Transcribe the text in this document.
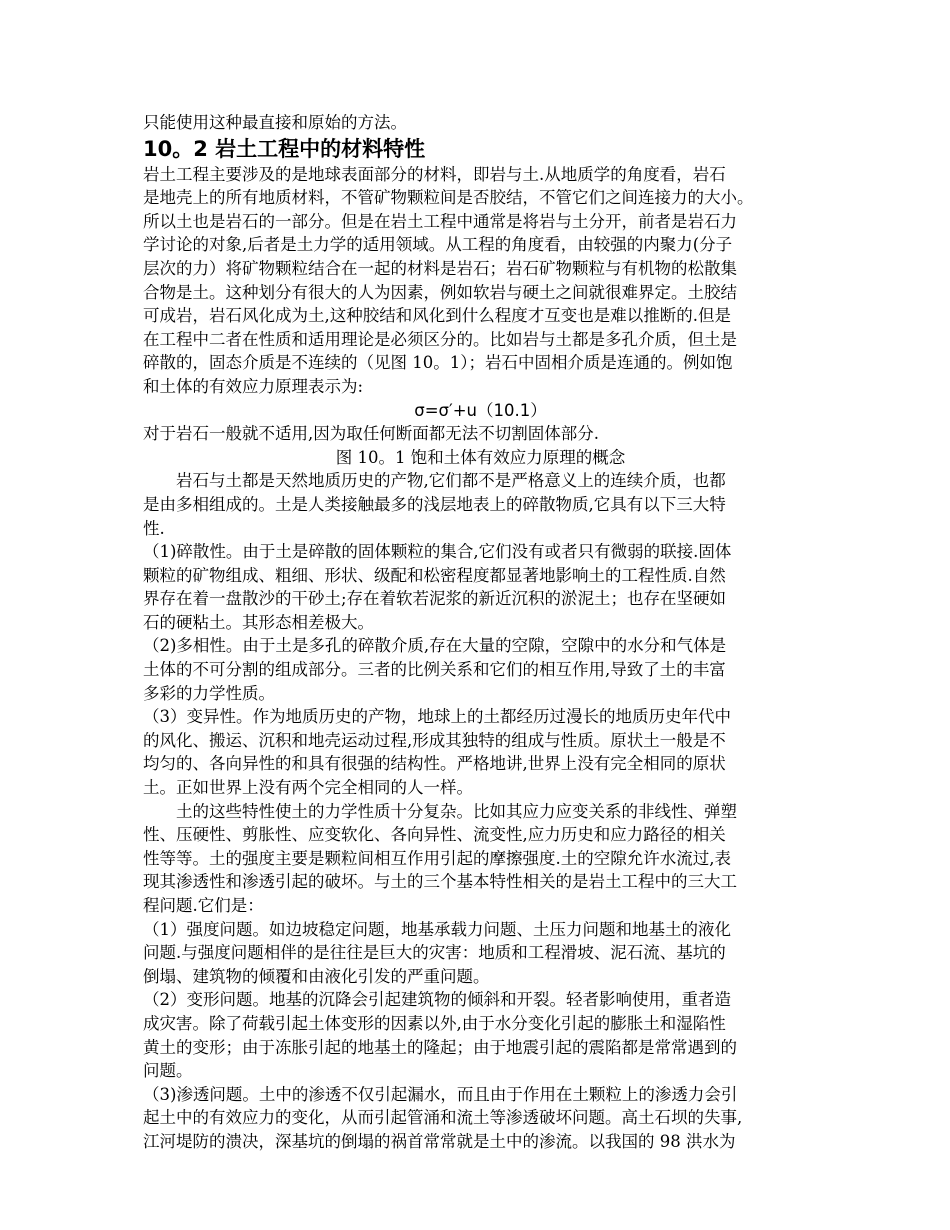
只能使用这种最直接和原始的方法。
10。2 岩土工程中的材料特性
岩土工程主要涉及的是地球表面部分的材料，即岩与土.从地质学的角度看，岩石
是地壳上的所有地质材料，不管矿物颗粒间是否胶结，不管它们之间连接力的大小。
所以土也是岩石的一部分。但是在岩土工程中通常是将岩与土分开，前者是岩石力
学讨论的对象,后者是土力学的适用领域。从工程的角度看，由较强的内聚力(分子
层次的力）将矿物颗粒结合在一起的材料是岩石；岩石矿物颗粒与有机物的松散集
合物是土。这种划分有很大的人为因素，例如软岩与硬土之间就很难界定。土胶结
可成岩，岩石风化成为土,这种胶结和风化到什么程度才互变也是难以推断的.但是
在工程中二者在性质和适用理论是必须区分的。比如岩与土都是多孔介质，但土是
碎散的，固态介质是不连续的（见图 10。1）；岩石中固相介质是连通的。例如饱
和土体的有效应力原理表示为:
σ=σ′+u（10.1）
对于岩石一般就不适用,因为取任何断面都无法不切割固体部分.
图 10。1 饱和土体有效应力原理的概念
　　岩石与土都是天然地质历史的产物,它们都不是严格意义上的连续介质，也都
是由多相组成的。土是人类接触最多的浅层地表上的碎散物质,它具有以下三大特
性.
（1)碎散性。由于土是碎散的固体颗粒的集合,它们没有或者只有微弱的联接.固体
颗粒的矿物组成、粗细、形状、级配和松密程度都显著地影响土的工程性质.自然
界存在着一盘散沙的干砂土;存在着软若泥浆的新近沉积的淤泥土；也存在坚硬如
石的硬粘土。其形态相差极大。
（2)多相性。由于土是多孔的碎散介质,存在大量的空隙，空隙中的水分和气体是
土体的不可分割的组成部分。三者的比例关系和它们的相互作用,导致了土的丰富
多彩的力学性质。
（3）变异性。作为地质历史的产物，地球上的土都经历过漫长的地质历史年代中
的风化、搬运、沉积和地壳运动过程,形成其独特的组成与性质。原状土一般是不
均匀的、各向异性的和具有很强的结构性。严格地讲,世界上没有完全相同的原状
土。正如世界上没有两个完全相同的人一样。
　　土的这些特性使土的力学性质十分复杂。比如其应力应变关系的非线性、弹塑
性、压硬性、剪胀性、应变软化、各向异性、流变性,应力历史和应力路径的相关
性等等。土的强度主要是颗粒间相互作用引起的摩擦强度.土的空隙允许水流过,表
现其渗透性和渗透引起的破坏。与土的三个基本特性相关的是岩土工程中的三大工
程问题.它们是：
（1）强度问题。如边坡稳定问题，地基承载力问题、土压力问题和地基土的液化
问题.与强度问题相伴的是往往是巨大的灾害：地质和工程滑坡、泥石流、基坑的
倒塌、建筑物的倾覆和由液化引发的严重问题。
（2）变形问题。地基的沉降会引起建筑物的倾斜和开裂。轻者影响使用，重者造
成灾害。除了荷载引起土体变形的因素以外,由于水分变化引起的膨胀土和湿陷性
黄土的变形；由于冻胀引起的地基土的隆起；由于地震引起的震陷都是常常遇到的
问题。
（3)渗透问题。土中的渗透不仅引起漏水，而且由于作用在土颗粒上的渗透力会引
起土中的有效应力的变化，从而引起管涌和流土等渗透破坏问题。高土石坝的失事,
江河堤防的溃决，深基坑的倒塌的祸首常常就是土中的渗流。以我国的 98 洪水为
